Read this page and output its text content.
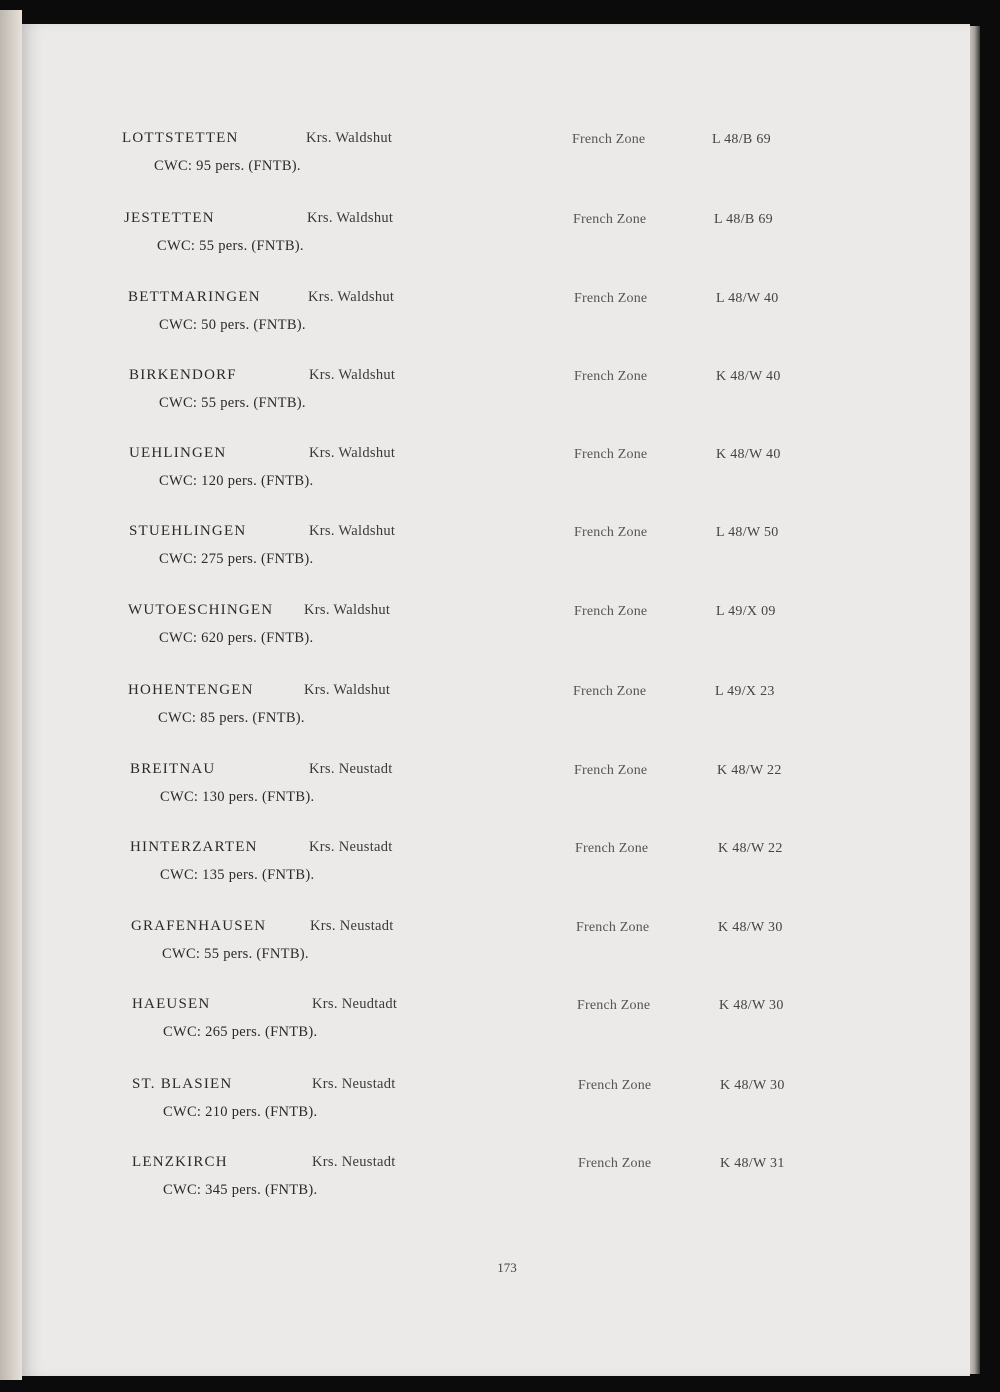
LOTTSTETTEN	Krs. Waldshut	French Zone	L 48/B 69
CWC: 95 pers. (FNTB).
JESTETTEN	Krs. Waldshut	French Zone	L 48/B 69
CWC: 55 pers. (FNTB).
BETTMARINGEN	Krs. Waldshut	French Zone	L 48/W 40
CWC: 50 pers. (FNTB).
BIRKENDORF	Krs. Waldshut	French Zone	K 48/W 40
CWC: 55 pers. (FNTB).
UEHLINGEN	Krs. Waldshut	French Zone	K 48/W 40
CWC: 120 pers. (FNTB).
STUEHLINGEN	Krs. Waldshut	French Zone	L 48/W 50
CWC: 275 pers. (FNTB).
WUTOESCHINGEN Krs. Waldshut	French Zone	L 49/X 09
CWC: 620 pers. (FNTB).
HOHENTENGEN	Krs. Waldshut	French Zone	L 49/X 23
CWC: 85 pers. (FNTB).
BREITNAU	Krs. Neustadt	French Zone	K 48/W 22
CWC: 130 pers. (FNTB).
HINTERZARTEN	Krs. Neustadt	French Zone	K 48/W 22
CWC: 135 pers. (FNTB).
GRAFENHAUSEN	Krs. Neustadt	French Zone	K 48/W 30
CWC: 55 pers. (FNTB).
HAEUSEN	Krs. Neudtadt	French Zone	K 48/W 30
CWC: 265 pers. (FNTB).
ST. BLASIEN	Krs. Neustadt	French Zone	K 48/W 30
CWC: 210 pers. (FNTB).
LENZKIRCH	Krs. Neustadt	French Zone	K 48/W 31
CWC: 345 pers. (FNTB).
173
